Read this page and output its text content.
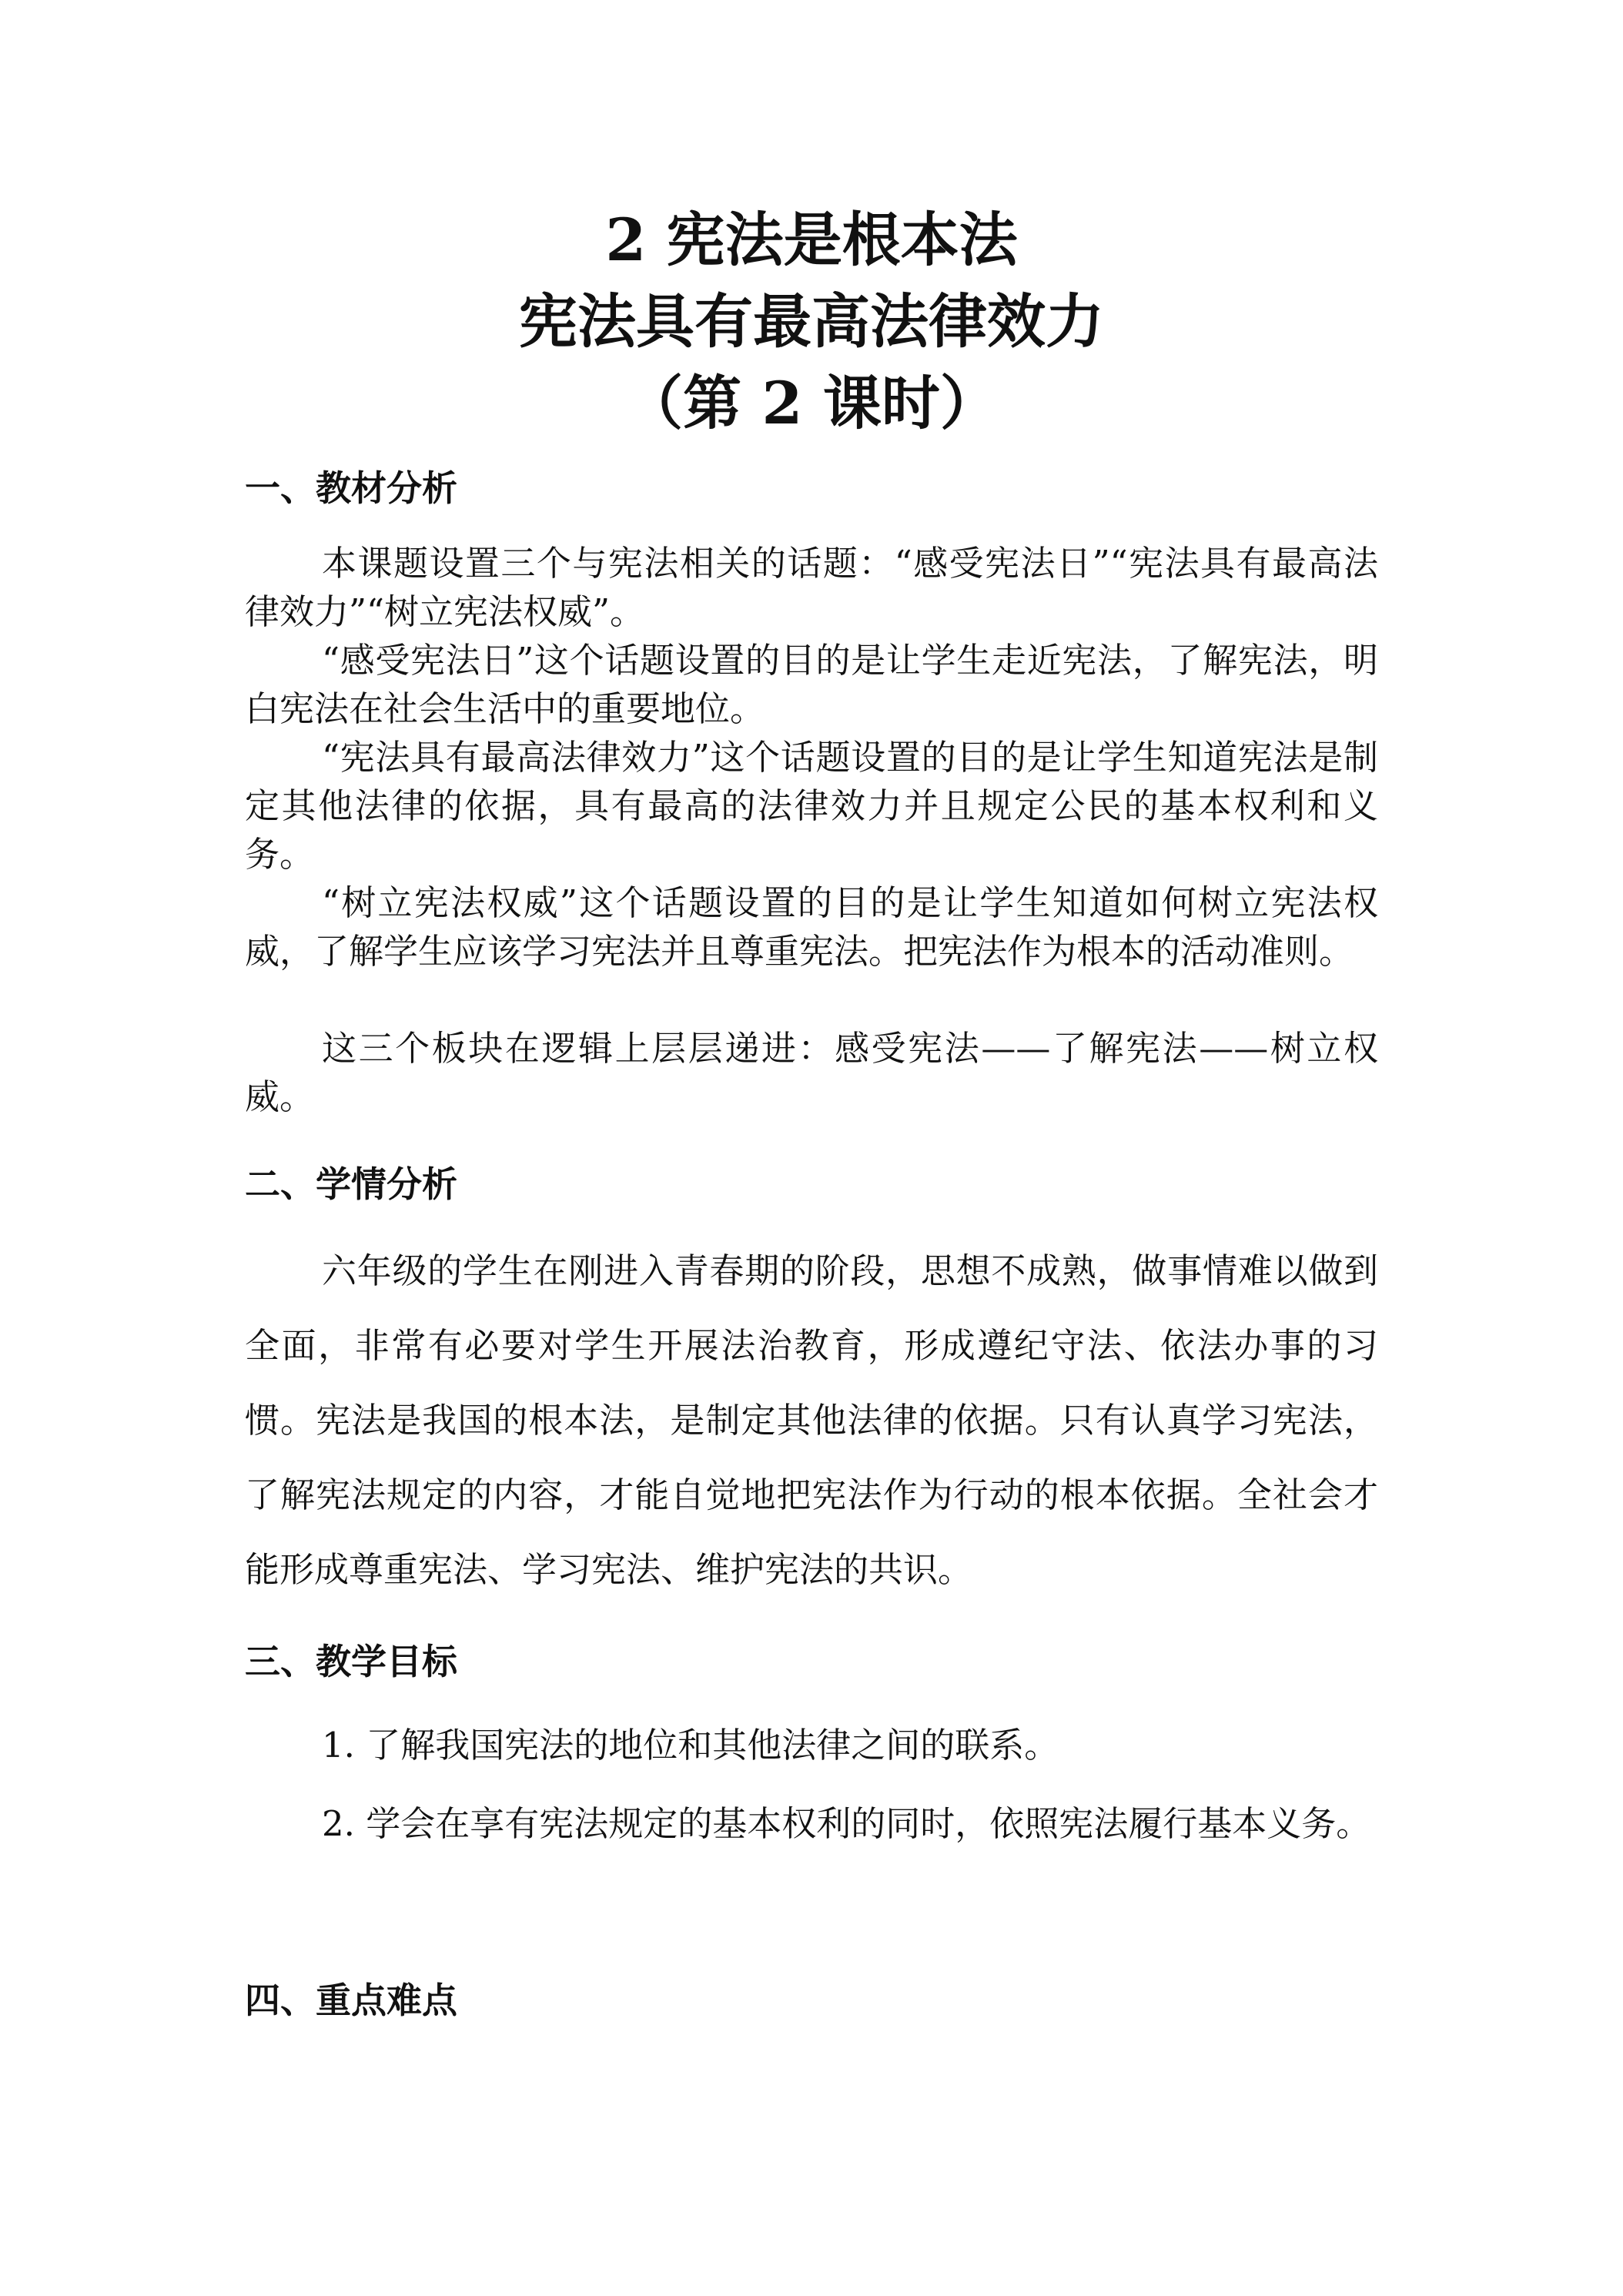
2 宪法是根本法
宪法具有最高法律效力
（第 2 课时）
一、教材分析
本课题设置三个与宪法相关的话题：“感受宪法日”“宪法具有最高法律效力”“树立宪法权威”。
“感受宪法日”这个话题设置的目的是让学生走近宪法，了解宪法，明白宪法在社会生活中的重要地位。
“宪法具有最高法律效力”这个话题设置的目的是让学生知道宪法是制定其他法律的依据，具有最高的法律效力并且规定公民的基本权利和义务。
“树立宪法权威”这个话题设置的目的是让学生知道如何树立宪法权威，了解学生应该学习宪法并且尊重宪法。把宪法作为根本的活动准则。
这三个板块在逻辑上层层递进：感受宪法——了解宪法——树立权威。
二、学情分析
六年级的学生在刚进入青春期的阶段，思想不成熟，做事情难以做到全面，非常有必要对学生开展法治教育，形成遵纪守法、依法办事的习惯。宪法是我国的根本法，是制定其他法律的依据。只有认真学习宪法，了解宪法规定的内容，才能自觉地把宪法作为行动的根本依据。全社会才能形成尊重宪法、学习宪法、维护宪法的共识。
三、教学目标
1. 了解我国宪法的地位和其他法律之间的联系。
2. 学会在享有宪法规定的基本权利的同时，依照宪法履行基本义务。
四、重点难点
